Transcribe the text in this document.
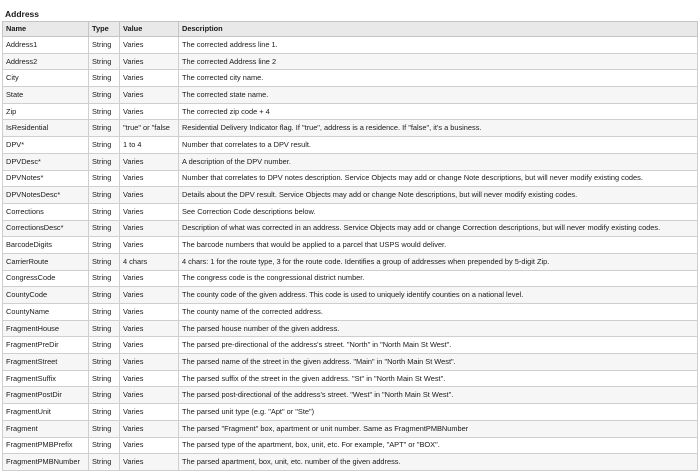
Address
Name	Type	Value	Description
Address1	String	Varies	The corrected address line 1.
Address2	String	Varies	The corrected Address line 2
City	String	Varies	The corrected city name.
State	String	Varies	The corrected state name.
Zip	String	Varies	The corrected zip code + 4
IsResidential	String	"true" or "false	Residential Delivery Indicator flag. If "true", address is a residence. If "false", it's a business.
DPV*	String	1 to 4	Number that correlates to a DPV result.
DPVDesc*	String	Varies	A description of the DPV number.
DPVNotes*	String	Varies	Number that correlates to DPV notes description. Service Objects may add or change Note descriptions, but will never modify existing codes.
DPVNotesDesc*	String	Varies	Details about the DPV result. Service Objects may add or change Note descriptions, but will never modify existing codes.
Corrections	String	Varies	See Correction Code descriptions below.
CorrectionsDesc*	String	Varies	Description of what was corrected in an address. Service Objects may add or change Correction descriptions, but will never modify existing codes.
BarcodeDigits	String	Varies	The barcode numbers that would be applied to a parcel that USPS would deliver.
CarrierRoute	String	4 chars	4 chars: 1 for the route type, 3 for the route code. Identifies a group of addresses when prepended by 5-digit Zip.
CongressCode	String	Varies	The congress code is the congressional district number.
CountyCode	String	Varies	The county code of the given address. This code is used to uniquely identify counties on a national level.
CountyName	String	Varies	The county name of the corrected address.
FragmentHouse	String	Varies	The parsed house number of the given address.
FragmentPreDir	String	Varies	The parsed pre-directional of the address's street. "North" in "North Main St West".
FragmentStreet	String	Varies	The parsed name of the street in the given address. "Main" in "North Main St West".
FragmentSuffix	String	Varies	The parsed suffix of the street in the given address. "St" in "North Main St West".
FragmentPostDir	String	Varies	The parsed post-directional of the address's street. "West" in "North Main St West".
FragmentUnit	String	Varies	The parsed unit type (e.g. "Apt" or "Ste")
Fragment	String	Varies	The parsed "Fragment" box, apartment or unit number. Same as FragmentPMBNumber
FragmentPMBPrefix	String	Varies	The parsed type of the apartment, box, unit, etc. For example, "APT" or "BOX".
FragmentPMBNumber	String	Varies	The parsed apartment, box, unit, etc. number of the given address.
